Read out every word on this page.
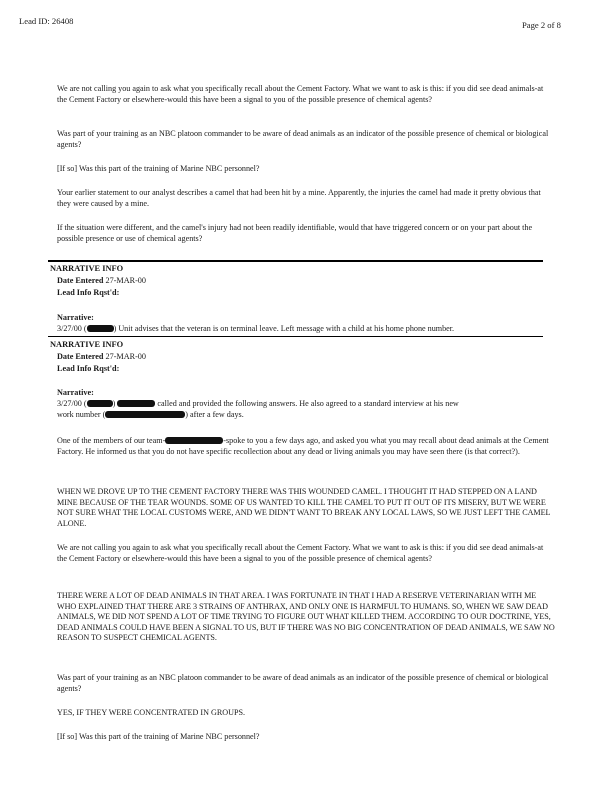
Lead ID: 26408	Page 2 of 8
We are not calling you again to ask what you specifically recall about the Cement Factory. What we want to ask is this: if you did see dead animals-at the Cement Factory or elsewhere-would this have been a signal to you of the possible presence of chemical agents?
Was part of your training as an NBC platoon commander to be aware of dead animals as an indicator of the possible presence of chemical or biological agents?
[If so] Was this part of the training of Marine NBC personnel?
Your earlier statement to our analyst describes a camel that had been hit by a mine. Apparently, the injuries the camel had made it pretty obvious that they were caused by a mine.
If the situation were different, and the camel's injury had not been readily identifiable, would that have triggered concern or on your part about the possible presence or use of chemical agents?
NARRATIVE INFO
Date Entered 27-MAR-00
Lead Info Rqst'd:
Narrative:
3/27/00 (	) Unit advises that the veteran is on terminal leave. Left message with a child at his home phone number.
NARRATIVE INFO
Date Entered 27-MAR-00
Lead Info Rqst'd:
Narrative:
3/27/00 (	)	called and provided the following answers. He also agreed to a standard interview at his new
work number (	) after a few days.
One of the members of our team-	-spoke to you a few days ago, and asked you what you may recall about dead animals at the Cement Factory. He informed us that you do not have specific recollection about any dead or living animals you may have seen there (is that correct?).
WHEN WE DROVE UP TO THE CEMENT FACTORY THERE WAS THIS WOUNDED CAMEL. I THOUGHT IT HAD STEPPED ON A LAND MINE BECAUSE OF THE TEAR WOUNDS. SOME OF US WANTED TO KILL THE CAMEL TO PUT IT OUT OF ITS MISERY, BUT WE WERE NOT SURE WHAT THE LOCAL CUSTOMS WERE, AND WE DIDN'T WANT TO BREAK ANY LOCAL LAWS, SO WE JUST LEFT THE CAMEL ALONE.
We are not calling you again to ask what you specifically recall about the Cement Factory. What we want to ask is this: if you did see dead animals-at the Cement Factory or elsewhere-would this have been a signal to you of the possible presence of chemical agents?
THERE WERE A LOT OF DEAD ANIMALS IN THAT AREA. I WAS FORTUNATE IN THAT I HAD A RESERVE VETERINARIAN WITH ME WHO EXPLAINED THAT THERE ARE 3 STRAINS OF ANTHRAX, AND ONLY ONE IS HARMFUL TO HUMANS. SO, WHEN WE SAW DEAD ANIMALS, WE DID NOT SPEND A LOT OF TIME TRYING TO FIGURE OUT WHAT KILLED THEM. ACCORDING TO OUR DOCTRINE, YES, DEAD ANIMALS COULD HAVE BEEN A SIGNAL TO US, BUT IF THERE WAS NO BIG CONCENTRATION OF DEAD ANIMALS, WE SAW NO REASON TO SUSPECT CHEMICAL AGENTS.
Was part of your training as an NBC platoon commander to be aware of dead animals as an indicator of the possible presence of chemical or biological agents?
YES, IF THEY WERE CONCENTRATED IN GROUPS.
[If so] Was this part of the training of Marine NBC personnel?
